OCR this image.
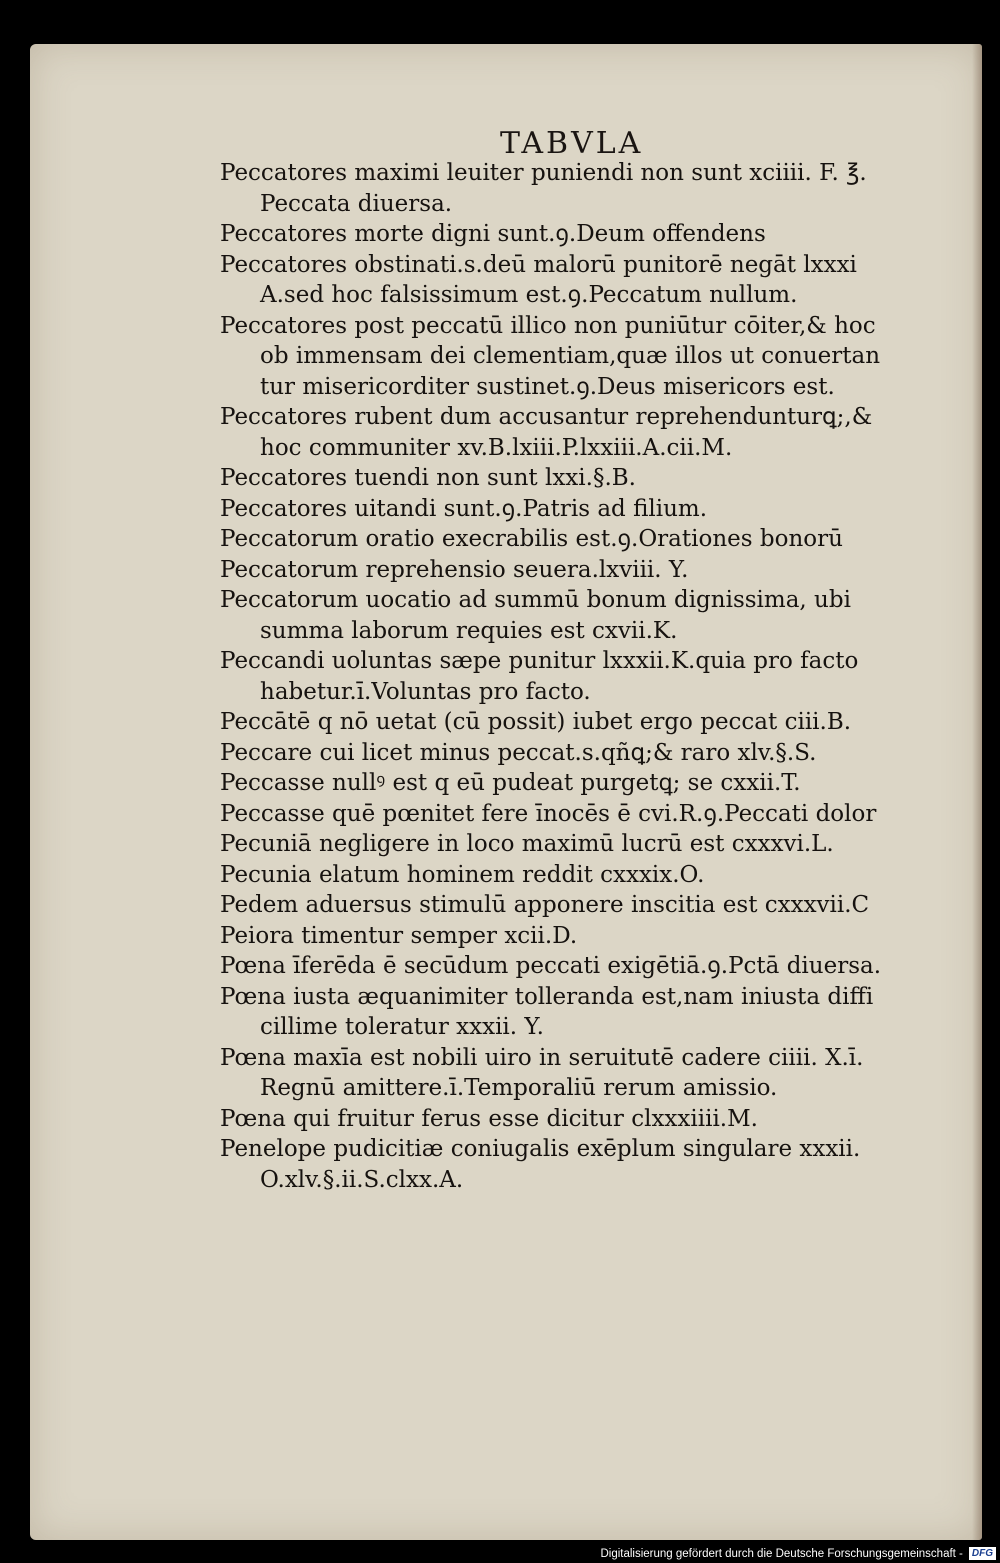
TABVLA
Peccatores maximi leuiter puniendi non sunt xciiii. F. ℥.
Peccata diuersa.
Peccatores morte digni sunt.ꝯ.Deum offendens
Peccatores obstinati.s.deū malorū punitorē negāt lxxxi
A.sed hoc falsissimum est.ꝯ.Peccatum nullum.
Peccatores post peccatū illico non puniūtur cōiter,& hoc
ob immensam dei clementiam,quæ illos ut conuertan
tur misericorditer sustinet.ꝯ.Deus misericors est.
Peccatores rubent dum accusantur reprehendunturꝗ;,&
hoc communiter xv.B.lxiii.P.lxxiii.A.cii.M.
Peccatores tuendi non sunt lxxi.§.B.
Peccatores uitandi sunt.ꝯ.Patris ad filium.
Peccatorum oratio execrabilis est.ꝯ.Orationes bonorū
Peccatorum reprehensio seuera.lxviii. Y.
Peccatorum uocatio ad summū bonum dignissima, ubi
summa laborum requies est cxvii.K.
Peccandi uoluntas sæpe punitur lxxxii.K.quia pro facto
habetur.ī.Voluntas pro facto.
Peccātē q nō uetat (cū possit) iubet ergo peccat ciii.B.
Peccare cui licet minus peccat.s.qñꝗ;& raro xlv.§.S.
Peccasse nullꝰ est q eū pudeat purgetꝗ; se cxxii.T.
Peccasse quē pœnitet fere īnocēs ē cvi.R.ꝯ.Peccati dolor
Pecuniā negligere in loco maximū lucrū est cxxxvi.L.
Pecunia elatum hominem reddit cxxxix.O.
Pedem aduersus stimulū apponere inscitia est cxxxvii.C
Peiora timentur semper xcii.D.
Pœna īferēda ē secūdum peccati exigētiā.ꝯ.Pctā diuersa.
Pœna iusta æquanimiter tolleranda est,nam iniusta diffi
cillime toleratur xxxii. Y.
Pœna maxīa est nobili uiro in seruitutē cadere ciiii. X.ī.
Regnū amittere.ī.Temporaliū rerum amissio.
Pœna qui fruitur ferus esse dicitur clxxxiiii.M.
Penelope pudicitiæ coniugalis exēplum singulare xxxii.
O.xlv.§.ii.S.clxx.A.
Digitalisierung gefördert durch die Deutsche Forschungsgemeinschaft - DFG
